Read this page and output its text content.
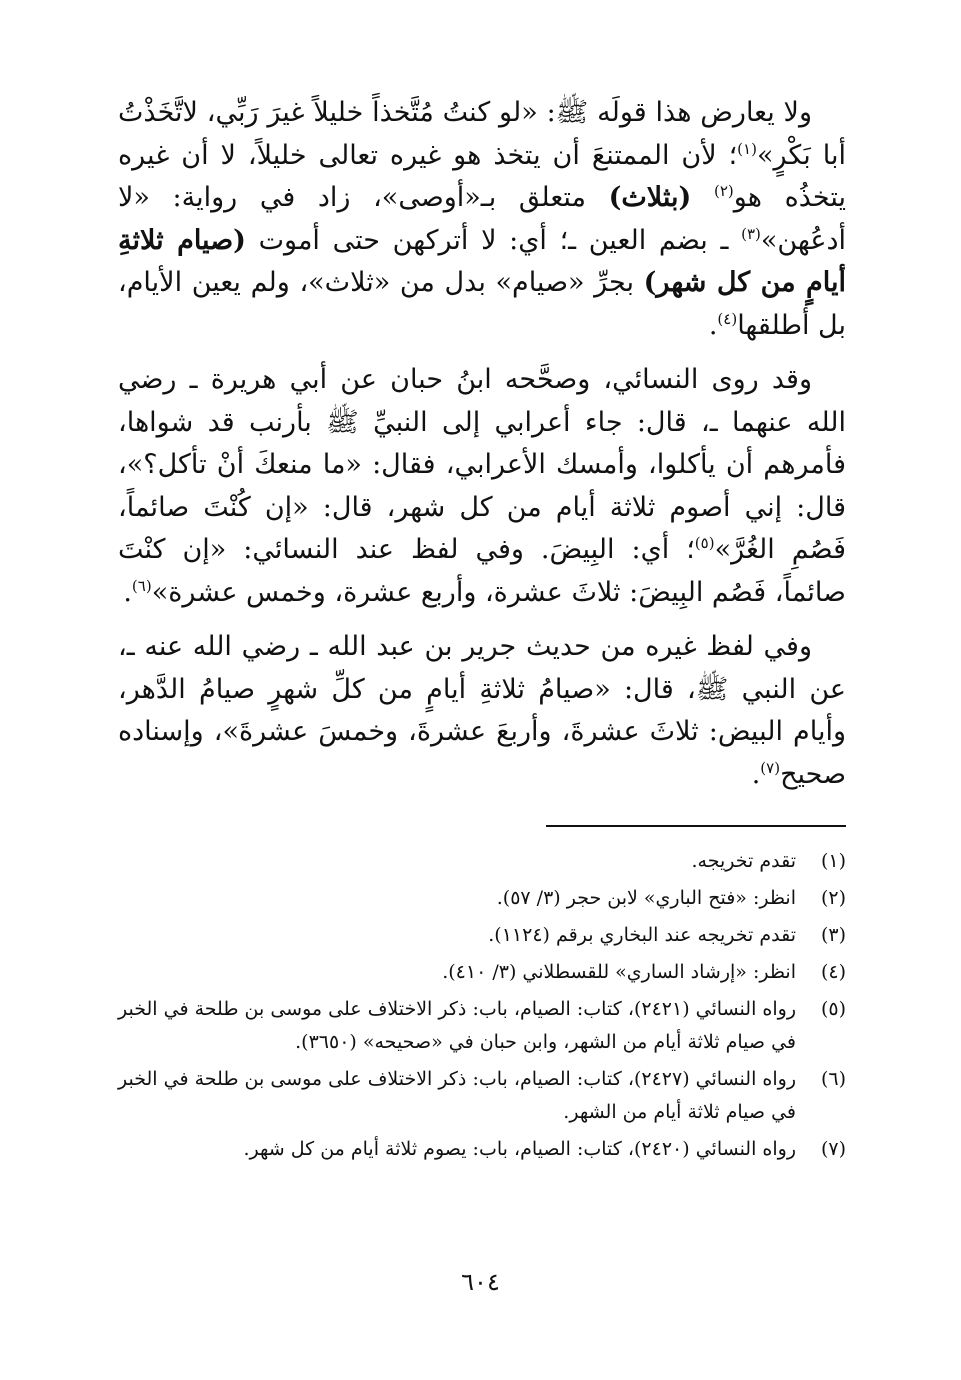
ولا يعارض هذا قولَه ﷺ: «لو كنتُ مُتَّخذاً خليلاً غيرَ رَبِّي، لاتَّخَذْتُ أبا بَكْرٍ»$^{(١)}$؛ لأن الممتنعَ أن يتخذ هو غيره تعالى خليلاً، لا أن غيره يتخذُه هو$^{(٢)}$ (بثلاث) متعلق بـ«أوصى»، زاد في رواية: «لا أدعُهن»$^{(٣)}$ ـ بضم العين ـ؛ أي: لا أتركهن حتى أموت (صيام ثلاثةِ أيامٍ من كل شهر) بجرِّ «صيام» بدل من «ثلاث»، ولم يعين الأيام، بل أطلقها$^{(٤)}$.

وقد روى النسائي، وصحَّحه ابنُ حبان عن أبي هريرة ـ رضي الله عنهما ـ، قال: جاء أعرابي إلى النبيِّ ﷺ بأرنب قد شواها، فأمرهم أن يأكلوا، وأمسك الأعرابي، فقال: «ما منعكَ أنْ تأكل؟»، قال: إني أصوم ثلاثة أيام من كل شهر، قال: «إن كُنْتَ صائماً، فَصُمِ الغُرَّ»$^{(٥)}$؛ أي: البِيضَ. وفي لفظ عند النسائي: «إن كنْتَ صائماً، فَصُم البِيضَ: ثلاثَ عشرة، وأربع عشرة، وخمس عشرة»$^{(٦)}$.

وفي لفظ غيره من حديث جرير بن عبد الله ـ رضي الله عنه ـ، عن النبي ﷺ، قال: «صيامُ ثلاثةِ أيامٍ من كلِّ شهرٍ صيامُ الدَّهر، وأيام البيض: ثلاثَ عشرةَ، وأربعَ عشرةَ، وخمسَ عشرةَ»، وإسناده صحيح$^{(٧)}$.

(١)
تقدم تخريجه.
(٢)
انظر: «فتح الباري» لابن حجر (٣/ ٥٧).
(٣)
تقدم تخريجه عند البخاري برقم (١١٢٤).
(٤)
انظر: «إرشاد الساري» للقسطلاني (٣/ ٤١٠).
(٥)
رواه النسائي (٢٤٢١)، كتاب: الصيام، باب: ذكر الاختلاف على موسى بن طلحة في الخبر في صيام ثلاثة أيام من الشهر، وابن حبان في «صحيحه» (٣٦٥٠).
(٦)
رواه النسائي (٢٤٢٧)، كتاب: الصيام، باب: ذكر الاختلاف على موسى بن طلحة في الخبر في صيام ثلاثة أيام من الشهر.
(٧)
رواه النسائي (٢٤٢٠)، كتاب: الصيام، باب: يصوم ثلاثة أيام من كل شهر.
٦٠٤
